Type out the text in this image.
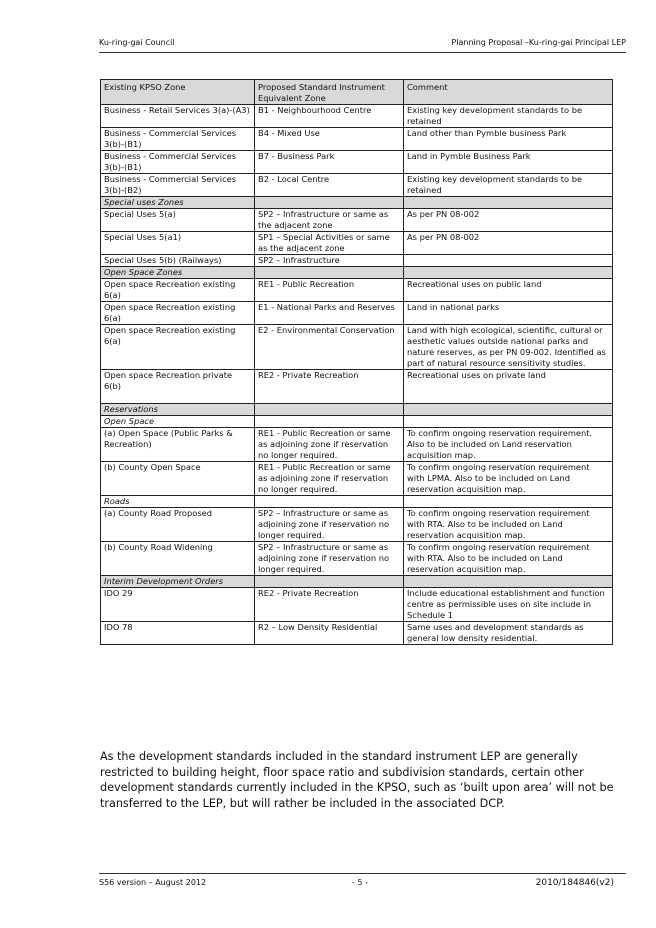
Ku-ring-gai Council	Planning Proposal –Ku-ring-gai Principal LEP
Existing KPSO Zone	Proposed Standard Instrument Equivalent Zone	Comment
Business - Retail Services 3(a)-(A3)	B1 - Neighbourhood Centre	Existing key development standards to be retained
Business - Commercial Services 3(b)-(B1)	B4 - Mixed Use	Land other than Pymble business Park
Business - Commercial Services 3(b)-(B1)	B7 - Business Park	Land in Pymble Business Park
Business - Commercial Services 3(b)-(B2)	B2 - Local Centre	Existing key development standards to be retained
Special uses Zones		
Special Uses 5(a)	SP2 – Infrastructure or same as the adjacent zone	As per PN 08-002
Special Uses 5(a1)	SP1 – Special Activities or same as the adjacent zone	As per PN 08-002
Special Uses 5(b) (Railways)	SP2 – Infrastructure	
Open Space Zones		
Open space Recreation existing 6(a)	RE1 - Public Recreation	Recreational uses on public land
Open space Recreation existing 6(a)	E1 - National Parks and Reserves	Land in national parks
Open space Recreation existing 6(a)	E2 - Environmental Conservation	Land with high ecological, scientific, cultural or aesthetic values outside national parks and nature reserves, as per PN 09-002. Identified as part of natural resource sensitivity studies.
Open space Recreation private 6(b)	RE2 - Private Recreation	Recreational uses on private land
Reservations		
Open Space		
(a) Open Space (Public Parks & Recreation)	RE1 - Public Recreation or same as adjoining zone if reservation no longer required.	To confirm ongoing reservation requirement. Also to be included on Land reservation acquisition map.
(b) County Open Space	RE1 - Public Recreation or same as adjoining zone if reservation no longer required.	To confirm ongoing reservation requirement with LPMA. Also to be included on Land reservation acquisition map.
Roads		
(a) County Road Proposed	SP2 – Infrastructure or same as adjoining zone if reservation no longer required.	To confirm ongoing reservation requirement with RTA. Also to be included on Land reservation acquisition map.
(b) County Road Widening	SP2 – Infrastructure or same as adjoining zone if reservation no longer required.	To confirm ongoing reservation requirement with RTA. Also to be included on Land reservation acquisition map.
Interim Development Orders		
IDO 29	RE2 - Private Recreation	Include educational establishment and function centre as permissible uses on site include in Schedule 1
IDO 78	R2 – Low Density Residential	Same uses and development standards as general low density residential.
As the development standards included in the standard instrument LEP are generally restricted to building height, floor space ratio and subdivision standards, certain other development standards currently included in the KPSO, such as ‘built upon area’ will not be transferred to the LEP, but will rather be included in the associated DCP.
S56 version – August 2012	- 5 -	2010/184846(v2)
